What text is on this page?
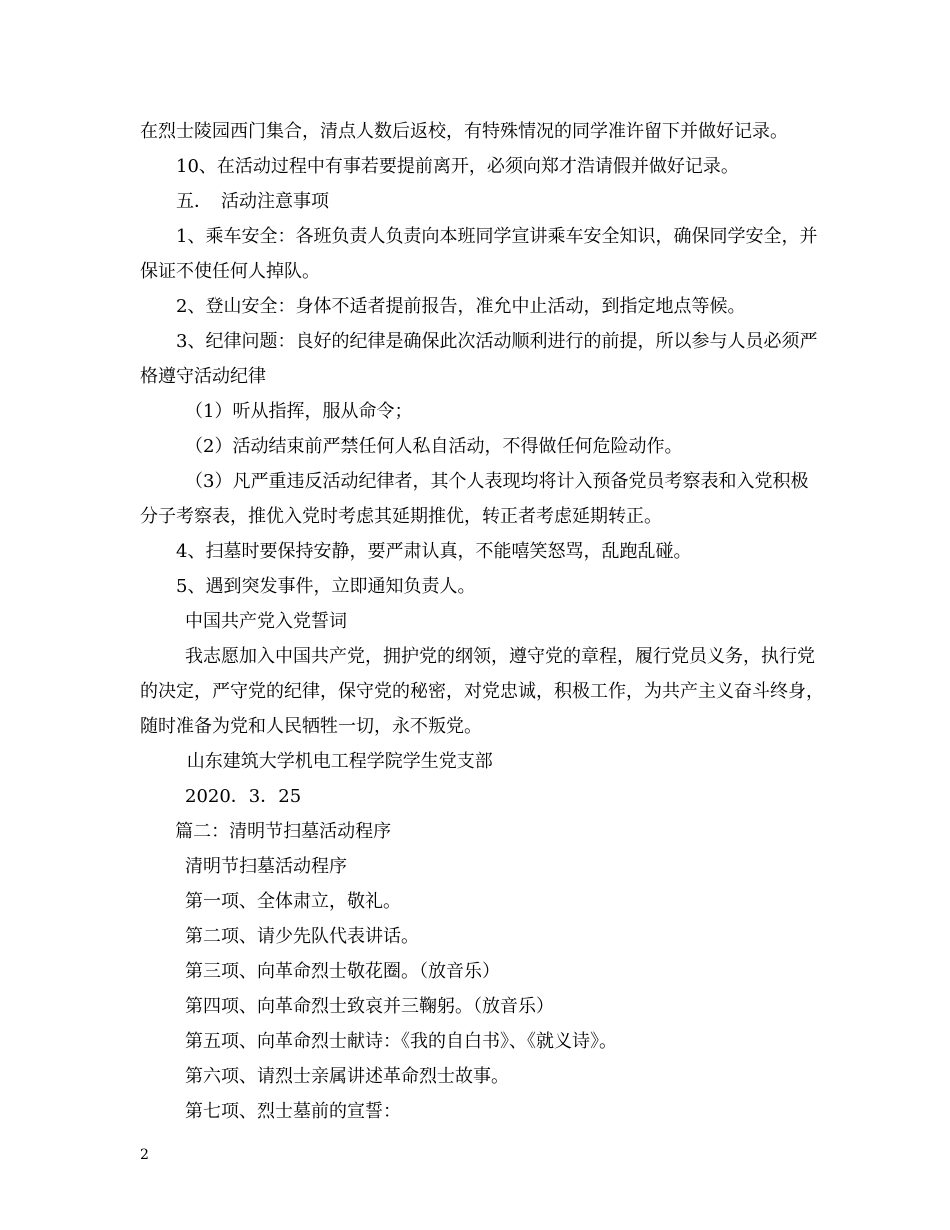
在烈士陵园西门集合，清点人数后返校，有特殊情况的同学准许留下并做好记录。

10、在活动过程中有事若要提前离开，必须向郑才浩请假并做好记录。

五．　活动注意事项

1、乘车安全：各班负责人负责向本班同学宣讲乘车安全知识，确保同学安全，并保证不使任何人掉队。

2、登山安全：身体不适者提前报告，准允中止活动，到指定地点等候。

3、纪律问题：良好的纪律是确保此次活动顺利进行的前提，所以参与人员必须严格遵守活动纪律

（1）听从指挥，服从命令；

（2）活动结束前严禁任何人私自活动，不得做任何危险动作。

（3）凡严重违反活动纪律者，其个人表现均将计入预备党员考察表和入党积极分子考察表，推优入党时考虑其延期推优，转正者考虑延期转正。

4、扫墓时要保持安静，要严肃认真，不能嘻笑怒骂，乱跑乱碰。

5、遇到突发事件，立即通知负责人。

中国共产党入党誓词

我志愿加入中国共产党，拥护党的纲领，遵守党的章程，履行党员义务，执行党的决定，严守党的纪律，保守党的秘密，对党忠诚，积极工作，为共产主义奋斗终身，随时准备为党和人民牺牲一切，永不叛党。

山东建筑大学机电工程学院学生党支部

2020．3．25

篇二：清明节扫墓活动程序

清明节扫墓活动程序

第一项、全体肃立，敬礼。

第二项、请少先队代表讲话。

第三项、向革命烈士敬花圈。（放音乐）

第四项、向革命烈士致哀并三鞠躬。（放音乐）

第五项、向革命烈士献诗：《我的自白书》、《就义诗》。

第六项、请烈士亲属讲述革命烈士故事。

第七项、烈士墓前的宣誓：

2
